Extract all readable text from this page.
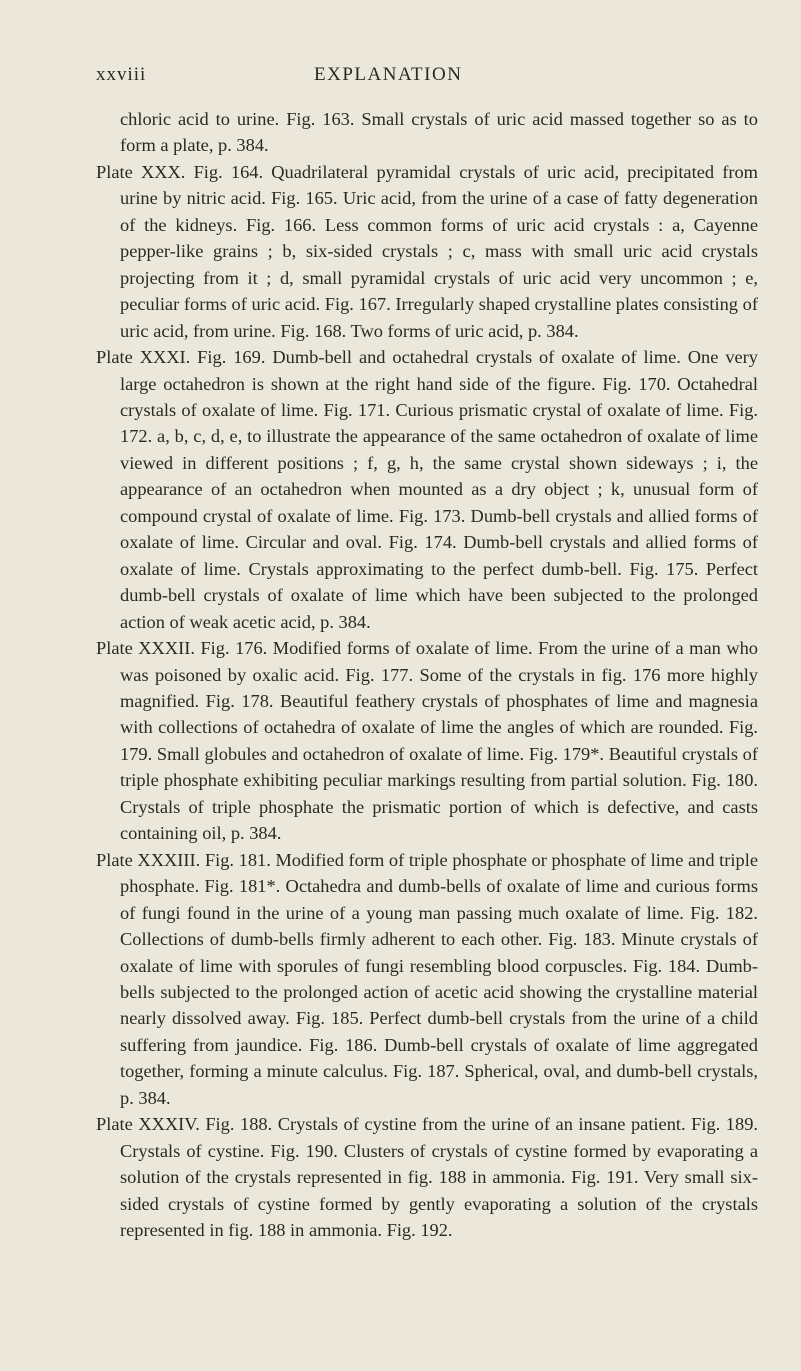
xxviii	EXPLANATION

chloric acid to urine. Fig. 163. Small crystals of uric acid massed together so as to form a plate, p. 384.

Plate XXX. Fig. 164. Quadrilateral pyramidal crystals of uric acid, precipitated from urine by nitric acid. Fig. 165. Uric acid, from the urine of a case of fatty degeneration of the kidneys. Fig. 166. Less common forms of uric acid crystals : a, Cayenne pepper-like grains ; b, six-sided crystals ; c, mass with small uric acid crystals projecting from it ; d, small pyramidal crystals of uric acid very uncommon ; e, peculiar forms of uric acid. Fig. 167. Irregularly shaped crystalline plates consisting of uric acid, from urine. Fig. 168. Two forms of uric acid, p. 384.

Plate XXXI. Fig. 169. Dumb-bell and octahedral crystals of oxalate of lime. One very large octahedron is shown at the right hand side of the figure. Fig. 170. Octahedral crystals of oxalate of lime. Fig. 171. Curious prismatic crystal of oxalate of lime. Fig. 172. a, b, c, d, e, to illustrate the appearance of the same octahedron of oxalate of lime viewed in different positions ; f, g, h, the same crystal shown sideways ; i, the appearance of an octahedron when mounted as a dry object ; k, unusual form of compound crystal of oxalate of lime. Fig. 173. Dumb-bell crystals and allied forms of oxalate of lime. Circular and oval. Fig. 174. Dumb-bell crystals and allied forms of oxalate of lime. Crystals approximating to the perfect dumb-bell. Fig. 175. Perfect dumb-bell crystals of oxalate of lime which have been subjected to the prolonged action of weak acetic acid, p. 384.

Plate XXXII. Fig. 176. Modified forms of oxalate of lime. From the urine of a man who was poisoned by oxalic acid. Fig. 177. Some of the crystals in fig. 176 more highly magnified. Fig. 178. Beautiful feathery crystals of phosphates of lime and magnesia with collections of octahedra of oxalate of lime the angles of which are rounded. Fig. 179. Small globules and octahedron of oxalate of lime. Fig. 179*. Beautiful crystals of triple phosphate exhibiting peculiar markings resulting from partial solution. Fig. 180. Crystals of triple phosphate the prismatic portion of which is defective, and casts containing oil, p. 384.

Plate XXXIII. Fig. 181. Modified form of triple phosphate or phosphate of lime and triple phosphate. Fig. 181*. Octahedra and dumb-bells of oxalate of lime and curious forms of fungi found in the urine of a young man passing much oxalate of lime. Fig. 182. Collections of dumb-bells firmly adherent to each other. Fig. 183. Minute crystals of oxalate of lime with sporules of fungi resembling blood corpuscles. Fig. 184. Dumb-bells subjected to the prolonged action of acetic acid showing the crystalline material nearly dissolved away. Fig. 185. Perfect dumb-bell crystals from the urine of a child suffering from jaundice. Fig. 186. Dumb-bell crystals of oxalate of lime aggregated together, forming a minute calculus. Fig. 187. Spherical, oval, and dumb-bell crystals, p. 384.

Plate XXXIV. Fig. 188. Crystals of cystine from the urine of an insane patient. Fig. 189. Crystals of cystine. Fig. 190. Clusters of crystals of cystine formed by evaporating a solution of the crystals represented in fig. 188 in ammonia. Fig. 191. Very small six-sided crystals of cystine formed by gently evaporating a solution of the crystals represented in fig. 188 in ammonia. Fig. 192.
